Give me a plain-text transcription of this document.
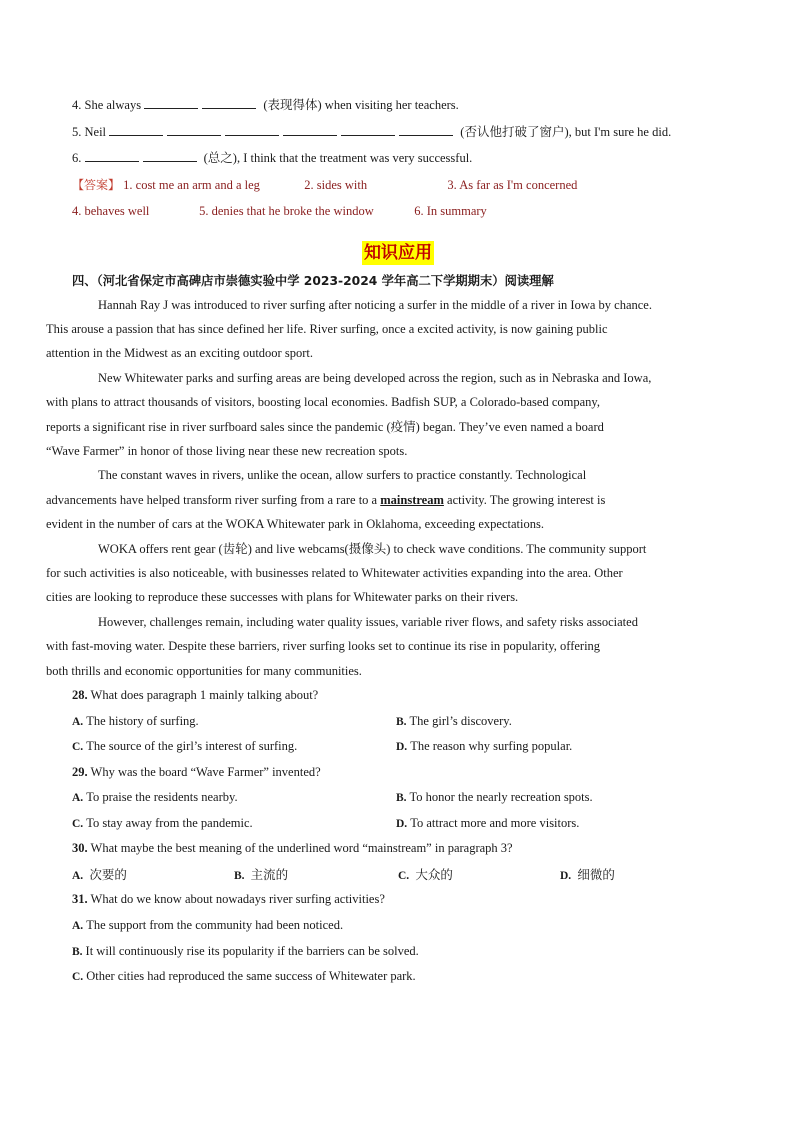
4. She always	(表现得体) when visiting her teachers.
5. Neil	(否认他打破了窗户), but I'm sure he did.
6.	(总之), I think that the treatment was very successful.
【答案】 1. cost me an arm and a leg	2. sides with	3. As far as I'm concerned
4. behaves well	5. denies that he broke the window	6. In summary
知识应用
四、（河北省保定市高碑店市崇德实验中学 2023-2024 学年高二下学期期末）阅读理解

Hannah Ray J was introduced to river surfing after noticing a surfer in the middle of a river in Iowa by chance.
This arouse a passion that has since defined her life. River surfing, once a excited activity, is now gaining public
attention in the Midwest as an exciting outdoor sport.

New Whitewater parks and surfing areas are being developed across the region, such as in Nebraska and Iowa,
with plans to attract thousands of visitors, boosting local economies. Badfish SUP, a Colorado-based company,
reports a significant rise in river surfboard sales since the pandemic (疫情) began. They’ve even named a board
“Wave Farmer” in honor of those living near these new recreation spots.

The constant waves in rivers, unlike the ocean, allow surfers to practice constantly. Technological
advancements have helped transform river surfing from a rare to a mainstream activity. The growing interest is
evident in the number of cars at the WOKA Whitewater park in Oklahoma, exceeding expectations.

WOKA offers rent gear (齿轮) and live webcams(摄像头) to check wave conditions. The community support
for such activities is also noticeable, with businesses related to Whitewater activities expanding into the area. Other
cities are looking to reproduce these successes with plans for Whitewater parks on their rivers.

However, challenges remain, including water quality issues, variable river flows, and safety risks associated
with fast-moving water. Despite these barriers, river surfing looks set to continue its rise in popularity, offering
both thrills and economic opportunities for many communities.

28. What does paragraph 1 mainly talking about?
A. The history of surfing.	B. The girl’s discovery.
C. The source of the girl’s interest of surfing.	D. The reason why surfing popular.
29. Why was the board “Wave Farmer” invented?
A. To praise the residents nearby.	B. To honor the nearly recreation spots.
C. To stay away from the pandemic.	D. To attract more and more visitors.
30. What maybe the best meaning of the underlined word “mainstream” in paragraph 3?
A. 次要的	B. 主流的	C. 大众的	D. 细微的
31. What do we know about nowadays river surfing activities?
A. The support from the community had been noticed.
B. It will continuously rise its popularity if the barriers can be solved.
C. Other cities had reproduced the same success of Whitewater park.
